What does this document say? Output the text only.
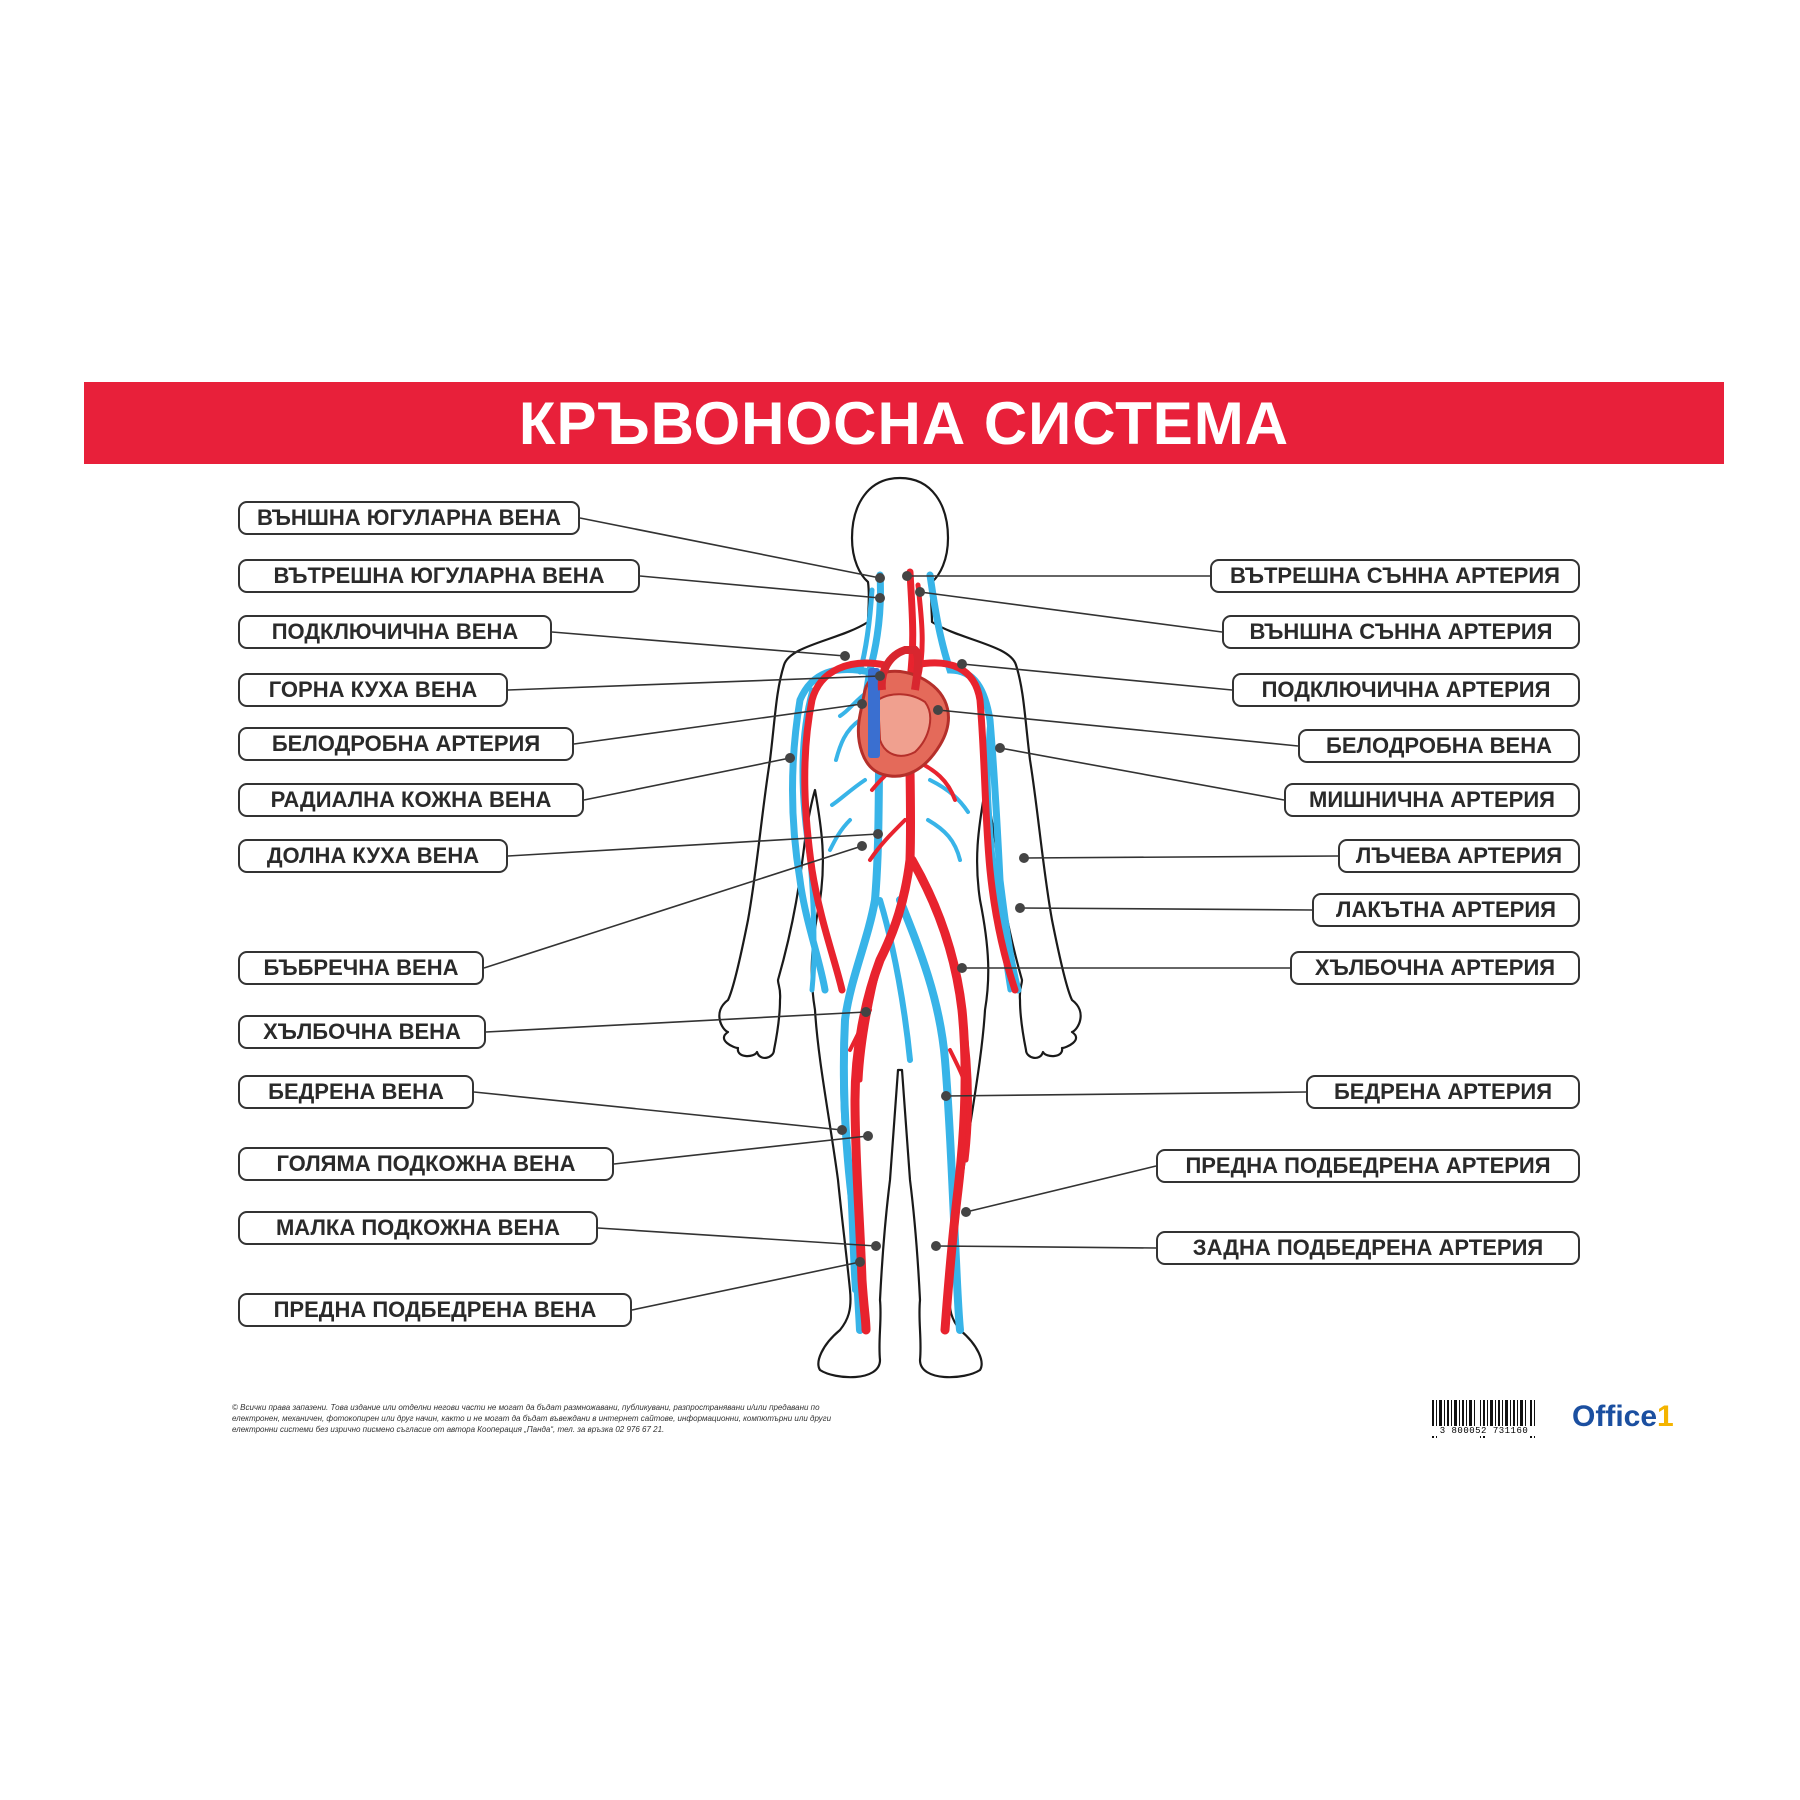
КРЪВОНОСНА СИСТЕМА
ВЪНШНА ЮГУЛАРНА ВЕНА
ВЪТРЕШНА ЮГУЛАРНА ВЕНА
ПОДКЛЮЧИЧНА ВЕНА
ГОРНА КУХА ВЕНА
БЕЛОДРОБНА АРТЕРИЯ
РАДИАЛНА КОЖНА ВЕНА
ДОЛНА КУХА ВЕНА
БЪБРЕЧНА ВЕНА
ХЪЛБОЧНА ВЕНА
БЕДРЕНА ВЕНА
ГОЛЯМА ПОДКОЖНА ВЕНА
МАЛКА ПОДКОЖНА ВЕНА
ПРЕДНА ПОДБЕДРЕНА ВЕНА
ВЪТРЕШНА СЪННА АРТЕРИЯ
ВЪНШНА СЪННА АРТЕРИЯ
ПОДКЛЮЧИЧНА АРТЕРИЯ
БЕЛОДРОБНА ВЕНА
МИШНИЧНА АРТЕРИЯ
ЛЪЧЕВА АРТЕРИЯ
ЛАКЪТНА АРТЕРИЯ
ХЪЛБОЧНА АРТЕРИЯ
БЕДРЕНА АРТЕРИЯ
ПРЕДНА ПОДБЕДРЕНА АРТЕРИЯ
ЗАДНА ПОДБЕДРЕНА АРТЕРИЯ
© Всички права запазени. Това издание или отделни негови части не могат да бъдат размножавани, публикувани, разпространявани и/или предавани по електронен, механичен, фотокопирен или друг начин, както и не могат да бъдат въвеждани в интернет сайтове, информационни, компютърни или други електронни системи без изрично писмено съгласие от автора Кооперация „Панда“, тел. за връзка 02 976 67 21.	3 800052 731160	Office1
